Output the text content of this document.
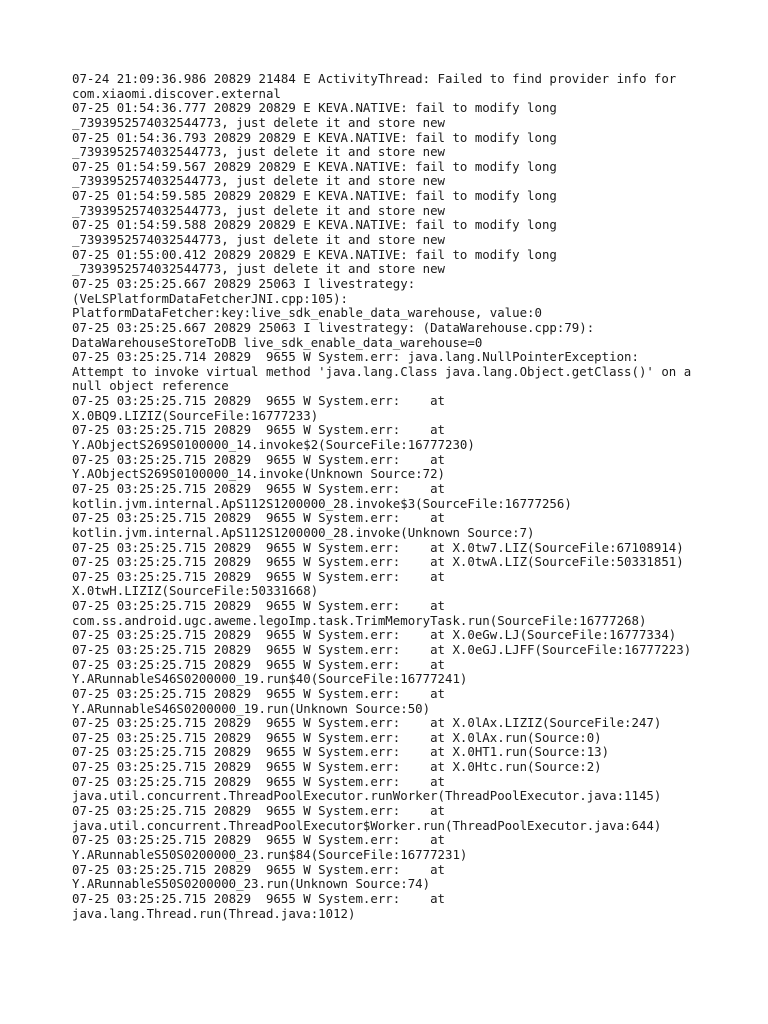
07-24 21:09:36.986 20829 21484 E ActivityThread: Failed to find provider info for
com.xiaomi.discover.external
07-25 01:54:36.777 20829 20829 E KEVA.NATIVE: fail to modify long
_739395257403254477З, just delete it and store new
07-25 01:54:36.793 20829 20829 E KEVA.NATIVE: fail to modify long
_739395257403254477З, just delete it and store new
07-25 01:54:59.567 20829 20829 E KEVA.NATIVE: fail to modify long
_739395257403254477З, just delete it and store new
07-25 01:54:59.585 20829 20829 E KEVA.NATIVE: fail to modify long
_739395257403254477З, just delete it and store new
07-25 01:54:59.588 20829 20829 E KEVA.NATIVE: fail to modify long
_739395257403254477З, just delete it and store new
07-25 01:55:00.412 20829 20829 E KEVA.NATIVE: fail to modify long
_739395257403254477З, just delete it and store new
07-25 03:25:25.667 20829 25063 I livestrategy:
(VeLSPlatformDataFetcherJNI.cpp:105):
PlatformDataFetcher:key:live_sdk_enable_data_warehouse, value:0
07-25 03:25:25.667 20829 25063 I livestrategy: (DataWarehouse.cpp:79):
DataWarehouseStoreToDB live_sdk_enable_data_warehouse=0
07-25 03:25:25.714 20829  9655 W System.err: java.lang.NullPointerException:
Attempt to invoke virtual method 'java.lang.Class java.lang.Object.getClass()' on a
null object reference
07-25 03:25:25.715 20829  9655 W System.err:    at
X.0BQ9.LIZIZ(SourceFile:16777233)
07-25 03:25:25.715 20829  9655 W System.err:    at
Y.AObjectS269S0100000_14.invoke$2(SourceFile:16777230)
07-25 03:25:25.715 20829  9655 W System.err:    at
Y.AObjectS269S0100000_14.invoke(Unknown Source:72)
07-25 03:25:25.715 20829  9655 W System.err:    at
kotlin.jvm.internal.ApS112S1200000_28.invoke$3(SourceFile:16777256)
07-25 03:25:25.715 20829  9655 W System.err:    at
kotlin.jvm.internal.ApS112S1200000_28.invoke(Unknown Source:7)
07-25 03:25:25.715 20829  9655 W System.err:    at X.0tw7.LIZ(SourceFile:67108914)
07-25 03:25:25.715 20829  9655 W System.err:    at X.0twA.LIZ(SourceFile:50331851)
07-25 03:25:25.715 20829  9655 W System.err:    at
X.0twH.LIZIZ(SourceFile:50331668)
07-25 03:25:25.715 20829  9655 W System.err:    at
com.ss.android.ugc.aweme.legoImp.task.TrimMemoryTask.run(SourceFile:16777268)
07-25 03:25:25.715 20829  9655 W System.err:    at X.0eGw.LJ(SourceFile:16777334)
07-25 03:25:25.715 20829  9655 W System.err:    at X.0eGJ.LJFF(SourceFile:16777223)
07-25 03:25:25.715 20829  9655 W System.err:    at
Y.ARunnableS46S0200000_19.run$40(SourceFile:16777241)
07-25 03:25:25.715 20829  9655 W System.err:    at
Y.ARunnableS46S0200000_19.run(Unknown Source:50)
07-25 03:25:25.715 20829  9655 W System.err:    at X.0lAx.LIZIZ(SourceFile:247)
07-25 03:25:25.715 20829  9655 W System.err:    at X.0lAx.run(Source:0)
07-25 03:25:25.715 20829  9655 W System.err:    at X.0HT1.run(Source:13)
07-25 03:25:25.715 20829  9655 W System.err:    at X.0Htc.run(Source:2)
07-25 03:25:25.715 20829  9655 W System.err:    at
java.util.concurrent.ThreadPoolExecutor.runWorker(ThreadPoolExecutor.java:1145)
07-25 03:25:25.715 20829  9655 W System.err:    at
java.util.concurrent.ThreadPoolExecutor$Worker.run(ThreadPoolExecutor.java:644)
07-25 03:25:25.715 20829  9655 W System.err:    at
Y.ARunnableS50S0200000_23.run$84(SourceFile:16777231)
07-25 03:25:25.715 20829  9655 W System.err:    at
Y.ARunnableS50S0200000_23.run(Unknown Source:74)
07-25 03:25:25.715 20829  9655 W System.err:    at
java.lang.Thread.run(Thread.java:1012)
